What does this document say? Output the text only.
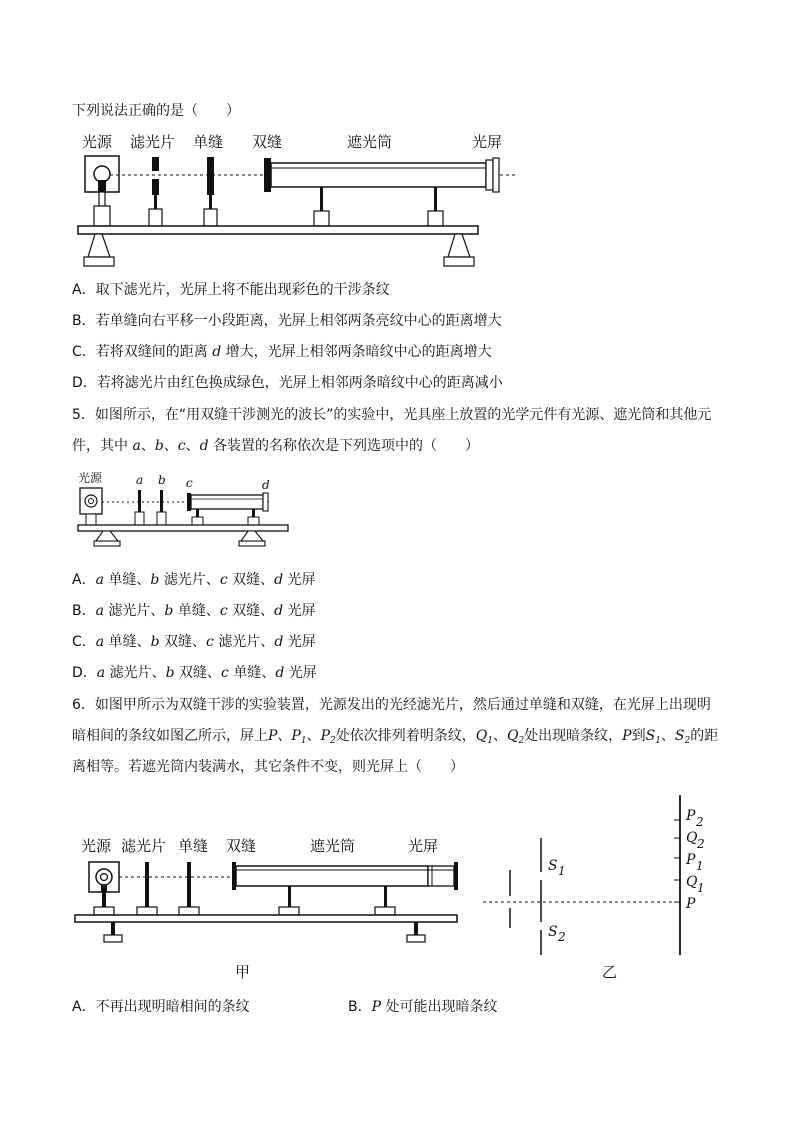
下列说法正确的是（　　）
光源 滤光片 单缝 双缝	遮光筒	光屏
A．取下滤光片，光屏上将不能出现彩色的干涉条纹
B．若单缝向右平移一小段距离，光屏上相邻两条亮纹中心的距离增大
C．若将双缝间的距离 d 增大，光屏上相邻两条暗纹中心的距离增大
D．若将滤光片由红色换成绿色，光屏上相邻两条暗纹中心的距离减小
5．如图所示，在“用双缝干涉测光的波长”的实验中，光具座上放置的光学元件有光源、遮光筒和其他元
件，其中 a、b、c、d 各装置的名称依次是下列选项中的（　　）
光源	a b c	d
A．a 单缝、b 滤光片、c 双缝、d 光屏
B．a 滤光片、b 单缝、c 双缝、d 光屏
C．a 单缝、b 双缝、c 滤光片、d 光屏
D．a 滤光片、b 双缝、c 单缝、d 光屏
6．如图甲所示为双缝干涉的实验装置，光源发出的光经滤光片，然后通过单缝和双缝，在光屏上出现明
暗相间的条纹如图乙所示，屏上P、$P_1$、$P_2$处依次排列着明条纹，$Q_1$、$Q_2$处出现暗条纹，P到$S_1$、$S_2$的距
离相等。若遮光筒内装满水，其它条件不变，则光屏上（　　）
光源 滤光片 单缝 双缝	遮光筒	光屏
甲
S 1
S 2
P 2
Q 2
P 1
Q 1
P
乙
A．不再出现明暗相间的条纹	B．P 处可能出现暗条纹
